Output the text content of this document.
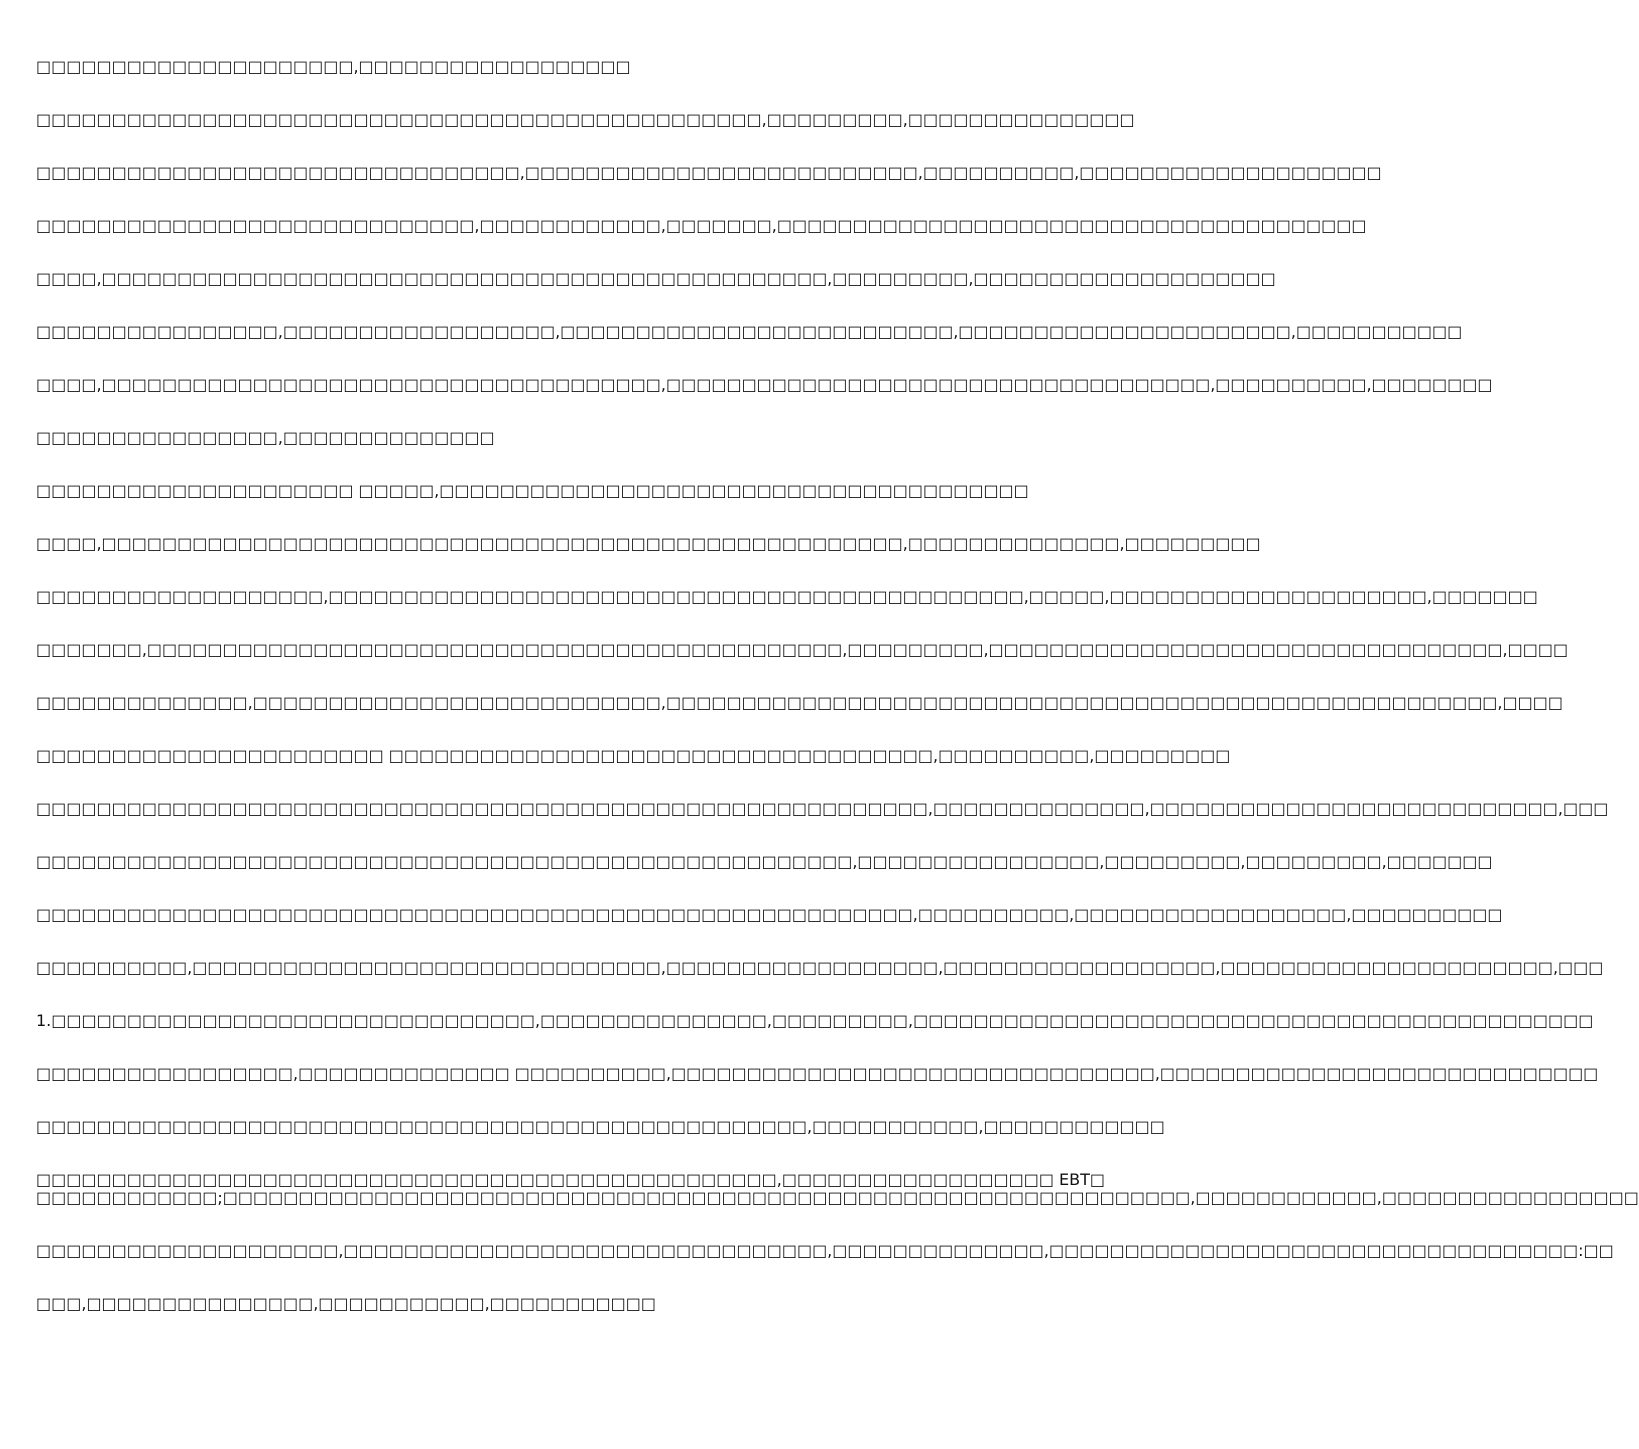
□□□□□□□□□□□□□□□□□□□□□,□□□□□□□□□□□□□□□□□□
□□□□□□□□□□□□□□□□□□□□□□□□□□□□□□□□□□□□□□□□□□□□□□□□,□□□□□□□□□,□□□□□□□□□□□□□□□
□□□□□□□□□□□□□□□□□□□□□□□□□□□□□□□□,□□□□□□□□□□□□□□□□□□□□□□□□□□,□□□□□□□□□□,□□□□□□□□□□□□□□□□□□□□
□□□□□□□□□□□□□□□□□□□□□□□□□□□□□,□□□□□□□□□□□□,□□□□□□□,□□□□□□□□□□□□□□□□□□□□□□□□□□□□□□□□□□□□□□□
□□□□,□□□□□□□□□□□□□□□□□□□□□□□□□□□□□□□□□□□□□□□□□□□□□□□□,□□□□□□□□□,□□□□□□□□□□□□□□□□□□□□
□□□□□□□□□□□□□□□□,□□□□□□□□□□□□□□□□□□,□□□□□□□□□□□□□□□□□□□□□□□□□□,□□□□□□□□□□□□□□□□□□□□□□,□□□□□□□□□□□
□□□□,□□□□□□□□□□□□□□□□□□□□□□□□□□□□□□□□□□□□□,□□□□□□□□□□□□□□□□□□□□□□□□□□□□□□□□□□□□,□□□□□□□□□□,□□□□□□□□
□□□□□□□□□□□□□□□□,□□□□□□□□□□□□□□
□□□□□□□□□□□□□□□□□□□□□ □□□□□,□□□□□□□□□□□□□□□□□□□□□□□□□□□□□□□□□□□□□□□
□□□□,□□□□□□□□□□□□□□□□□□□□□□□□□□□□□□□□□□□□□□□□□□□□□□□□□□□□□,□□□□□□□□□□□□□□,□□□□□□□□□
□□□□□□□□□□□□□□□□□□□,□□□□□□□□□□□□□□□□□□□□□□□□□□□□□□□□□□□□□□□□□□□□□□,□□□□□,□□□□□□□□□□□□□□□□□□□□□,□□□□□□□
□□□□□□□,□□□□□□□□□□□□□□□□□□□□□□□□□□□□□□□□□□□□□□□□□□□□□□,□□□□□□□□□,□□□□□□□□□□□□□□□□□□□□□□□□□□□□□□□□□□,□□□□
□□□□□□□□□□□□□□,□□□□□□□□□□□□□□□□□□□□□□□□□□□,□□□□□□□□□□□□□□□□□□□□□□□□□□□□□□□□□□□□□□□□□□□□□□□□□□□□□□□,□□□□
□□□□□□□□□□□□□□□□□□□□□□□ □□□□□□□□□□□□□□□□□□□□□□□□□□□□□□□□□□□□,□□□□□□□□□□,□□□□□□□□□
□□□□□□□□□□□□□□□□□□□□□□□□□□□□□□□□□□□□□□□□□□□□□□□□□□□□□□□□□□□,□□□□□□□□□□□□□□,□□□□□□□□□□□□□□□□□□□□□□□□□□□,□□□
□□□□□□□□□□□□□□□□□□□□□□□□□□□□□□□□□□□□□□□□□□□□□□□□□□□□□□,□□□□□□□□□□□□□□□□,□□□□□□□□□,□□□□□□□□□,□□□□□□□
□□□□□□□□□□□□□□□□□□□□□□□□□□□□□□□□□□□□□□□□□□□□□□□□□□□□□□□□□□,□□□□□□□□□□,□□□□□□□□□□□□□□□□□□,□□□□□□□□□□
□□□□□□□□□□,□□□□□□□□□□□□□□□□□□□□□□□□□□□□□□□,□□□□□□□□□□□□□□□□□□,□□□□□□□□□□□□□□□□□□,□□□□□□□□□□□□□□□□□□□□□□,□□□
1.□□□□□□□□□□□□□□□□□□□□□□□□□□□□□□□□,□□□□□□□□□□□□□□□,□□□□□□□□□,□□□□□□□□□□□□□□□□□□□□□□□□□□□□□□□□□□□□□□□□□□□□□
□□□□□□□□□□□□□□□□□,□□□□□□□□□□□□□□ □□□□□□□□□□,□□□□□□□□□□□□□□□□□□□□□□□□□□□□□□□□,□□□□□□□□□□□□□□□□□□□□□□□□□□□□□
□□□□□□□□□□□□□□□□□□□□□□□□□□□□□□□□□□□□□□□□□□□□□□□□□□□,□□□□□□□□□□□,□□□□□□□□□□□□
□□□□□□□□□□□□□□□□□□□□□□□□□□□□□□□□□□□□□□□□□□□□□□□□□,□□□□□□□□□□□□□□□□□□ EBT□
□□□□□□□□□□□□;□□□□□□□□□□□□□□□□□□□□□□□□□□□□□□□□□□□□□□□□□□□□□□□□□□□□□□□□□□□□□□□□,□□□□□□□□□□□□,□□□□□□□□□□□□□□□□□
□□□□□□□□□□□□□□□□□□□□,□□□□□□□□□□□□□□□□□□□□□□□□□□□□□□□□,□□□□□□□□□□□□□□,□□□□□□□□□□□□□□□□□□□□□□□□□□□□□□□□□□□:□□
□□□,□□□□□□□□□□□□□□□,□□□□□□□□□□□,□□□□□□□□□□□
